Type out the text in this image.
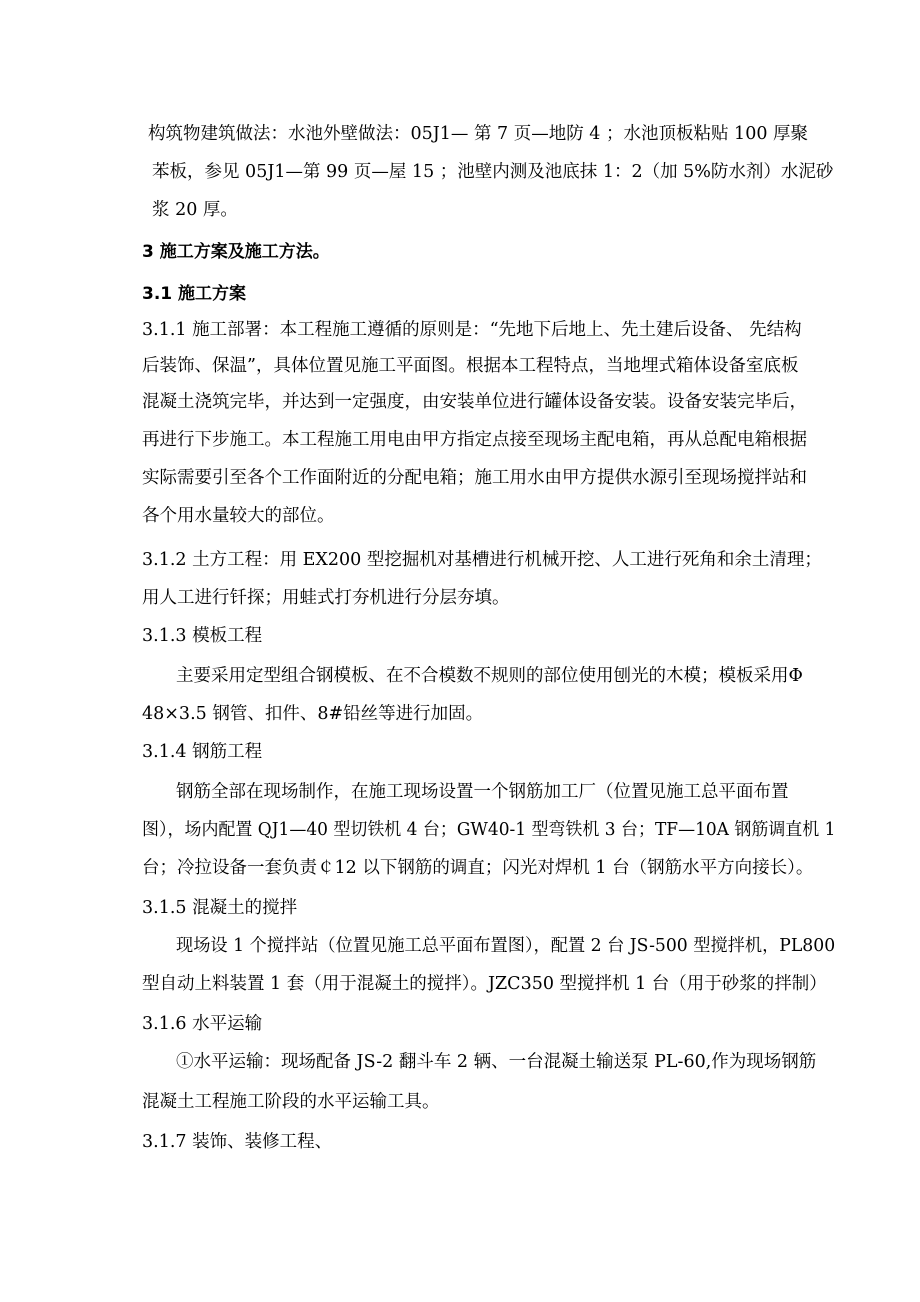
构筑物建筑做法：水池外壁做法：05J1— 第 7 页—地防 4 ；水池顶板粘贴 100 厚聚
苯板，参见 05J1—第 99 页—屋 15 ；池壁内测及池底抹 1：2（加 5%防水剂）水泥砂
浆 20 厚。
3 施工方案及施工方法。
3.1 施工方案
3.1.1 施工部署：本工程施工遵循的原则是：“先地下后地上、先土建后设备、 先结构
后装饰、保温”，具体位置见施工平面图。根据本工程特点，当地埋式箱体设备室底板
混凝土浇筑完毕，并达到一定强度，由安装单位进行罐体设备安装。设备安装完毕后，
再进行下步施工。本工程施工用电由甲方指定点接至现场主配电箱，再从总配电箱根据
实际需要引至各个工作面附近的分配电箱；施工用水由甲方提供水源引至现场搅拌站和
各个用水量较大的部位。
3.1.2 土方工程：用 EX200 型挖掘机对基槽进行机械开挖、人工进行死角和余土清理；
用人工进行钎探；用蛙式打夯机进行分层夯填。
3.1.3 模板工程
主要采用定型组合钢模板、在不合模数不规则的部位使用刨光的木模；模板采用Φ
48×3.5 钢管、扣件、8#铅丝等进行加固。
3.1.4 钢筋工程
钢筋全部在现场制作，在施工现场设置一个钢筋加工厂（位置见施工总平面布置
图），场内配置 QJ1—40 型切铁机 4 台；GW40-1 型弯铁机 3 台；TF—10A 钢筋调直机 1
台；冷拉设备一套负责￠12 以下钢筋的调直；闪光对焊机 1 台（钢筋水平方向接长）。
3.1.5 混凝土的搅拌
现场设 1 个搅拌站（位置见施工总平面布置图），配置 2 台 JS-500 型搅拌机，PL800
型自动上料装置 1 套（用于混凝土的搅拌）。JZC350 型搅拌机 1 台（用于砂浆的拌制）
3.1.6 水平运输
①水平运输：现场配备 JS-2 翻斗车 2 辆、一台混凝土输送泵 PL-60,作为现场钢筋
混凝土工程施工阶段的水平运输工具。
3.1.7 装饰、装修工程、
